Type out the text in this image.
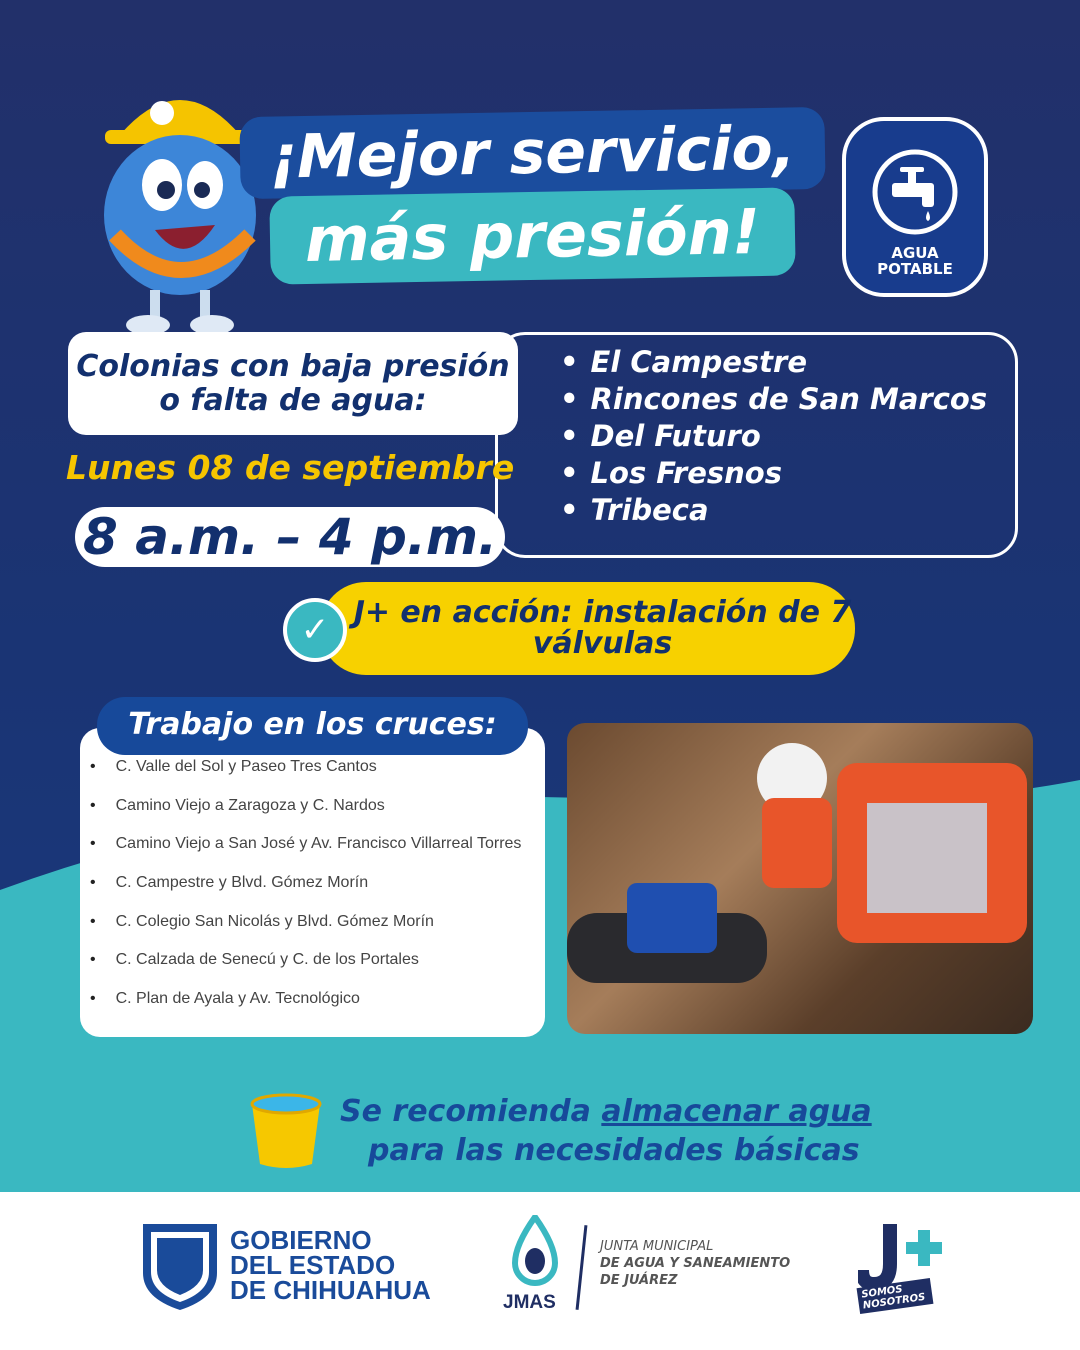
¡Mejor servicio,
más presión!	AGUA
POTABLE
Colonias con baja presión o falta de agua:
Lunes 08 de septiembre
8 a.m. – 4 p.m.
• El Campestre
• Rincones de San Marcos
• Del Futuro
• Los Fresnos
• Tribeca
J+ en acción: instalación de 7 válvulas
✓
Trabajo en los cruces:
• C. Valle del Sol y Paseo Tres Cantos
• Camino Viejo a Zaragoza y C. Nardos
• Camino Viejo a San José y Av. Francisco Villarreal Torres
• C. Campestre y Blvd. Gómez Morín
• C. Colegio San Nicolás y Blvd. Gómez Morín
• C. Calzada de Senecú y C. de los Portales
• C. Plan de Ayala y Av. Tecnológico
Se recomienda almacenar agua
para las necesidades básicas
GOBIERNO
DEL ESTADO
DE CHIHUAHUA	JMAS
JUNTA MUNICIPAL
DE AGUA Y SANEAMIENTO
DE JUÁREZ
SOMOS NOSOTROS
